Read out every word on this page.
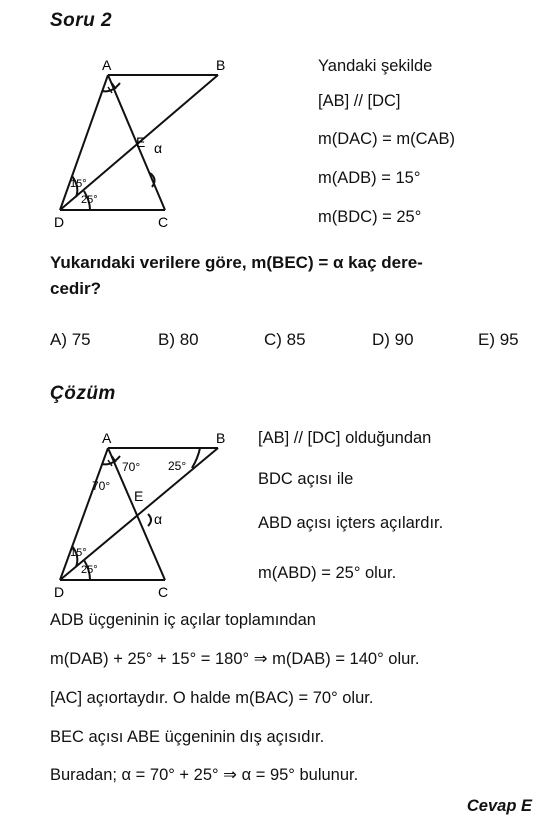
Soru 2
A	B
C
D
E α
15°
25°
Yandaki şekilde
[AB] // [DC]
m(DAC) = m(CAB)
m(ADB) = 15°
m(BDC) = 25°
Yukarıdaki verilere göre, m(BEC) = α kaç dere-
cedir?
A) 75	B) 80	C) 85	D) 90	E) 95
Çözüm
A	B
C
D
E
α
70°
70°
25°
15°
25°
[AB] // [DC] olduğundan
BDC açısı ile
ABD açısı içters açılardır.
m(ABD) = 25° olur.
ADB üçgeninin iç açılar toplamından
m(DAB) + 25° + 15° = 180° ⇒ m(DAB) = 140° olur.
[AC] açıortaydır. O halde m(BAC) = 70° olur.
BEC açısı ABE üçgeninin dış açısıdır.
Buradan; α = 70° + 25° ⇒ α = 95° bulunur.
Cevap E
